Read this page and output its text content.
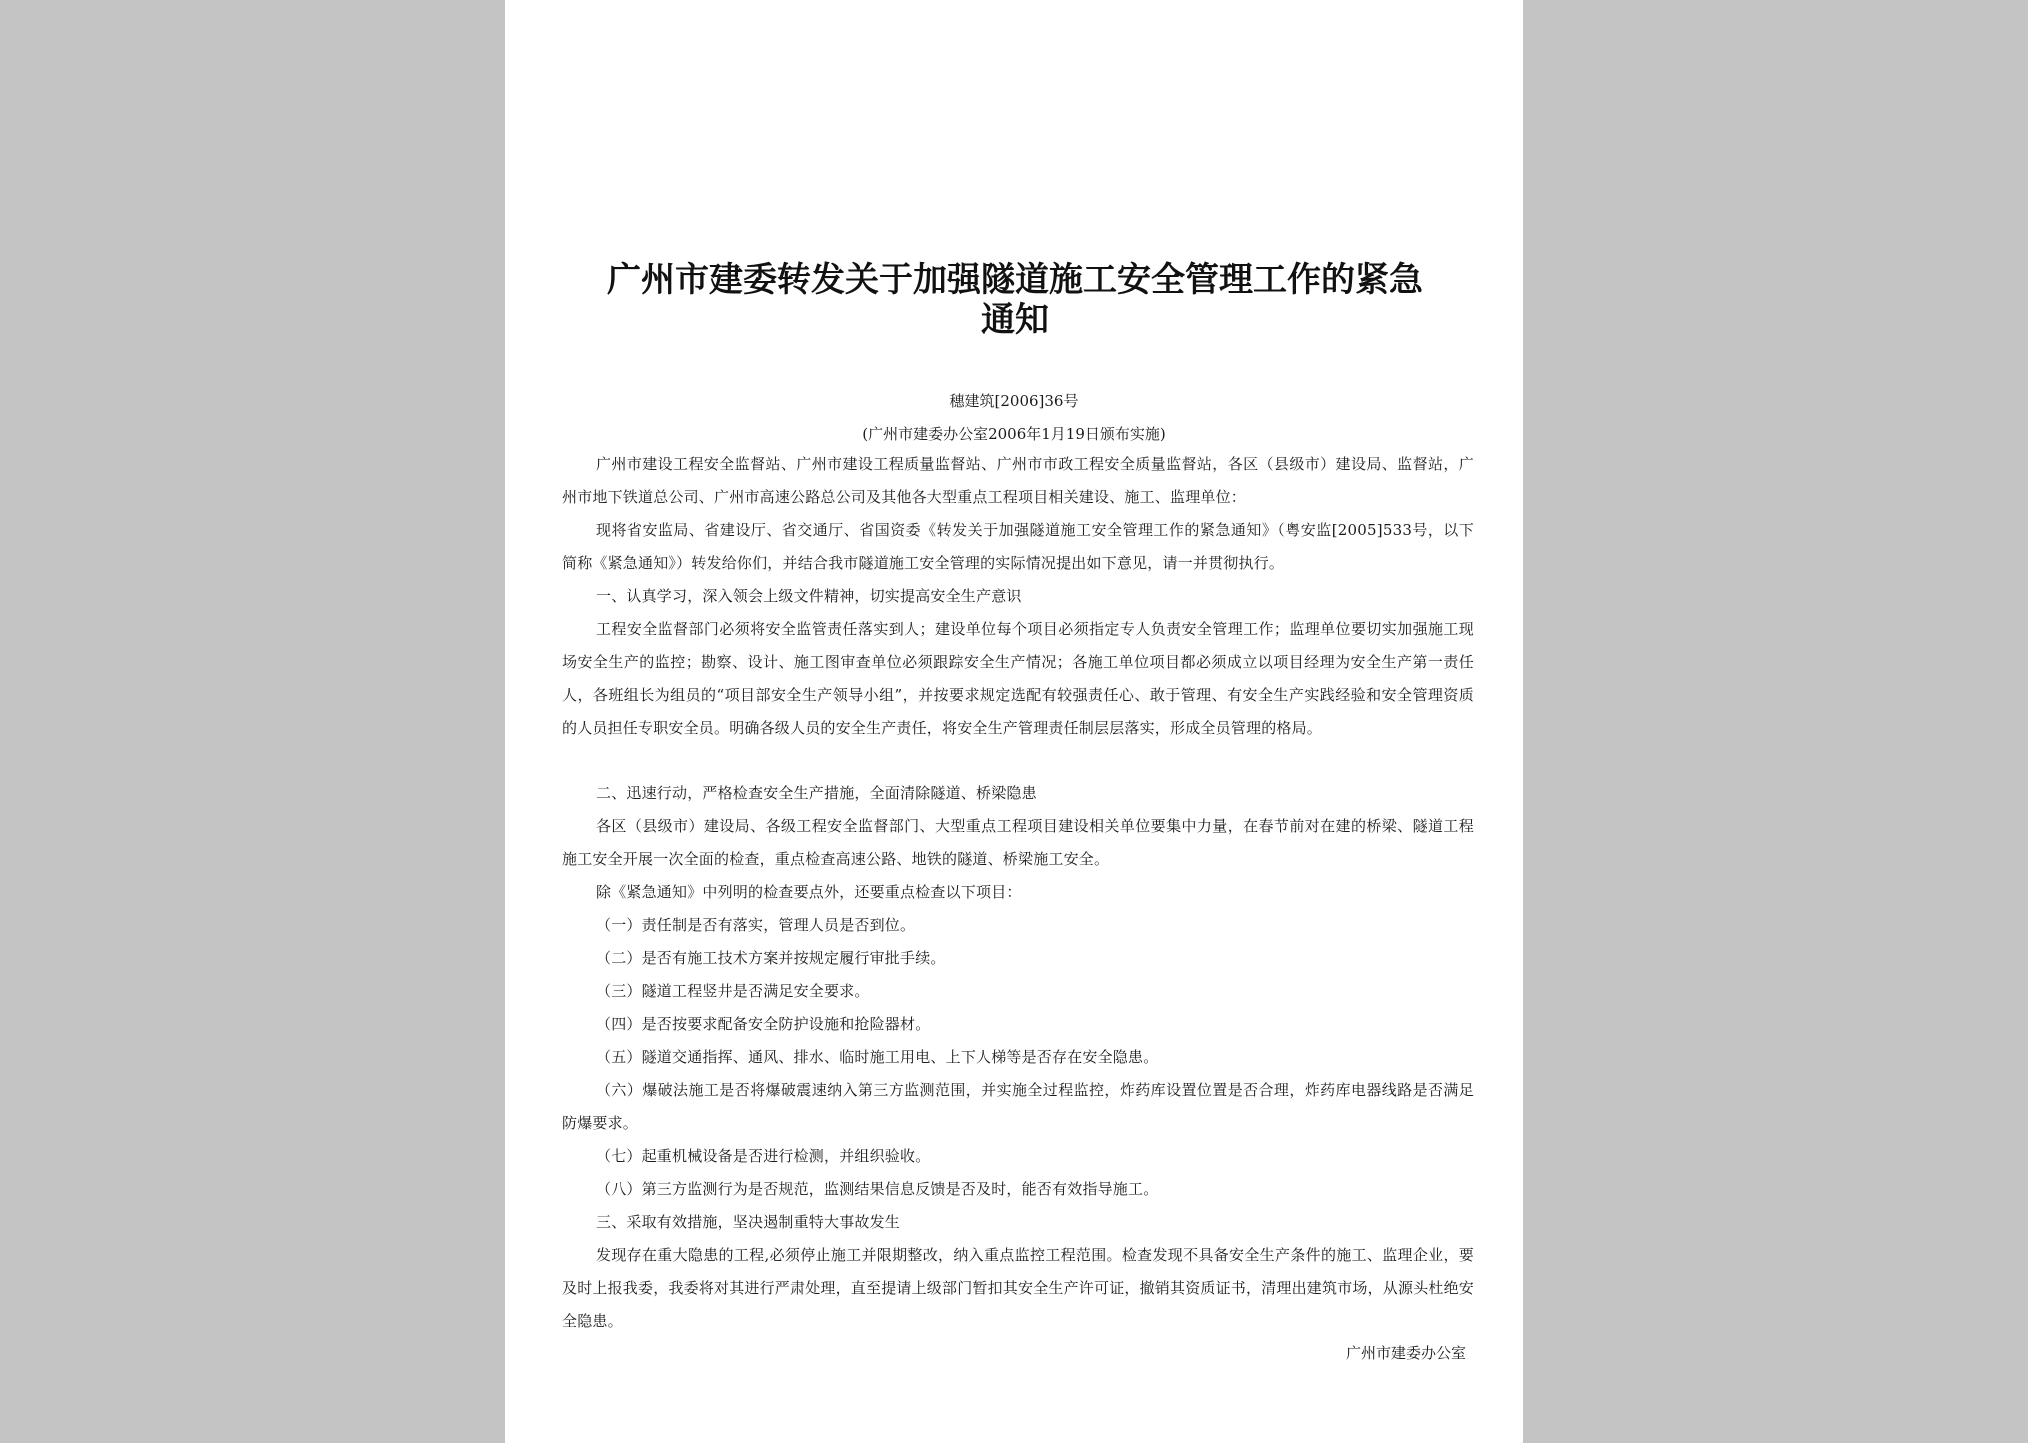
广州市建委转发关于加强隧道施工安全管理工作的紧急通知
穗建筑[2006]36号
(广州市建委办公室2006年1月19日颁布实施)
广州市建设工程安全监督站、广州市建设工程质量监督站、广州市市政工程安全质量监督站，各区（县级市）建设局、监督站，广州市地下铁道总公司、广州市高速公路总公司及其他各大型重点工程项目相关建设、施工、监理单位：
现将省安监局、省建设厅、省交通厅、省国资委《转发关于加强隧道施工安全管理工作的紧急通知》（粤安监[2005]533号，以下简称《紧急通知》）转发给你们，并结合我市隧道施工安全管理的实际情况提出如下意见，请一并贯彻执行。
一、认真学习，深入领会上级文件精神，切实提高安全生产意识
工程安全监督部门必须将安全监管责任落实到人；建设单位每个项目必须指定专人负责安全管理工作；监理单位要切实加强施工现场安全生产的监控；勘察、设计、施工图审查单位必须跟踪安全生产情况；各施工单位项目都必须成立以项目经理为安全生产第一责任人，各班组长为组员的“项目部安全生产领导小组”，并按要求规定选配有较强责任心、敢于管理、有安全生产实践经验和安全管理资质的人员担任专职安全员。明确各级人员的安全生产责任，将安全生产管理责任制层层落实，形成全员管理的格局。
二、迅速行动，严格检查安全生产措施，全面清除隧道、桥梁隐患
各区（县级市）建设局、各级工程安全监督部门、大型重点工程项目建设相关单位要集中力量，在春节前对在建的桥梁、隧道工程施工安全开展一次全面的检查，重点检查高速公路、地铁的隧道、桥梁施工安全。
除《紧急通知》中列明的检查要点外，还要重点检查以下项目：
（一）责任制是否有落实，管理人员是否到位。
（二）是否有施工技术方案并按规定履行审批手续。
（三）隧道工程竖井是否满足安全要求。
（四）是否按要求配备安全防护设施和抢险器材。
（五）隧道交通指挥、通风、排水、临时施工用电、上下人梯等是否存在安全隐患。
（六）爆破法施工是否将爆破震速纳入第三方监测范围，并实施全过程监控，炸药库设置位置是否合理，炸药库电器线路是否满足防爆要求。
（七）起重机械设备是否进行检测，并组织验收。
（八）第三方监测行为是否规范，监测结果信息反馈是否及时，能否有效指导施工。
三、采取有效措施，坚决遏制重特大事故发生
发现存在重大隐患的工程,必须停止施工并限期整改，纳入重点监控工程范围。检查发现不具备安全生产条件的施工、监理企业，要及时上报我委，我委将对其进行严肃处理，直至提请上级部门暂扣其安全生产许可证，撤销其资质证书，清理出建筑市场，从源头杜绝安全隐患。
广州市建委办公室
